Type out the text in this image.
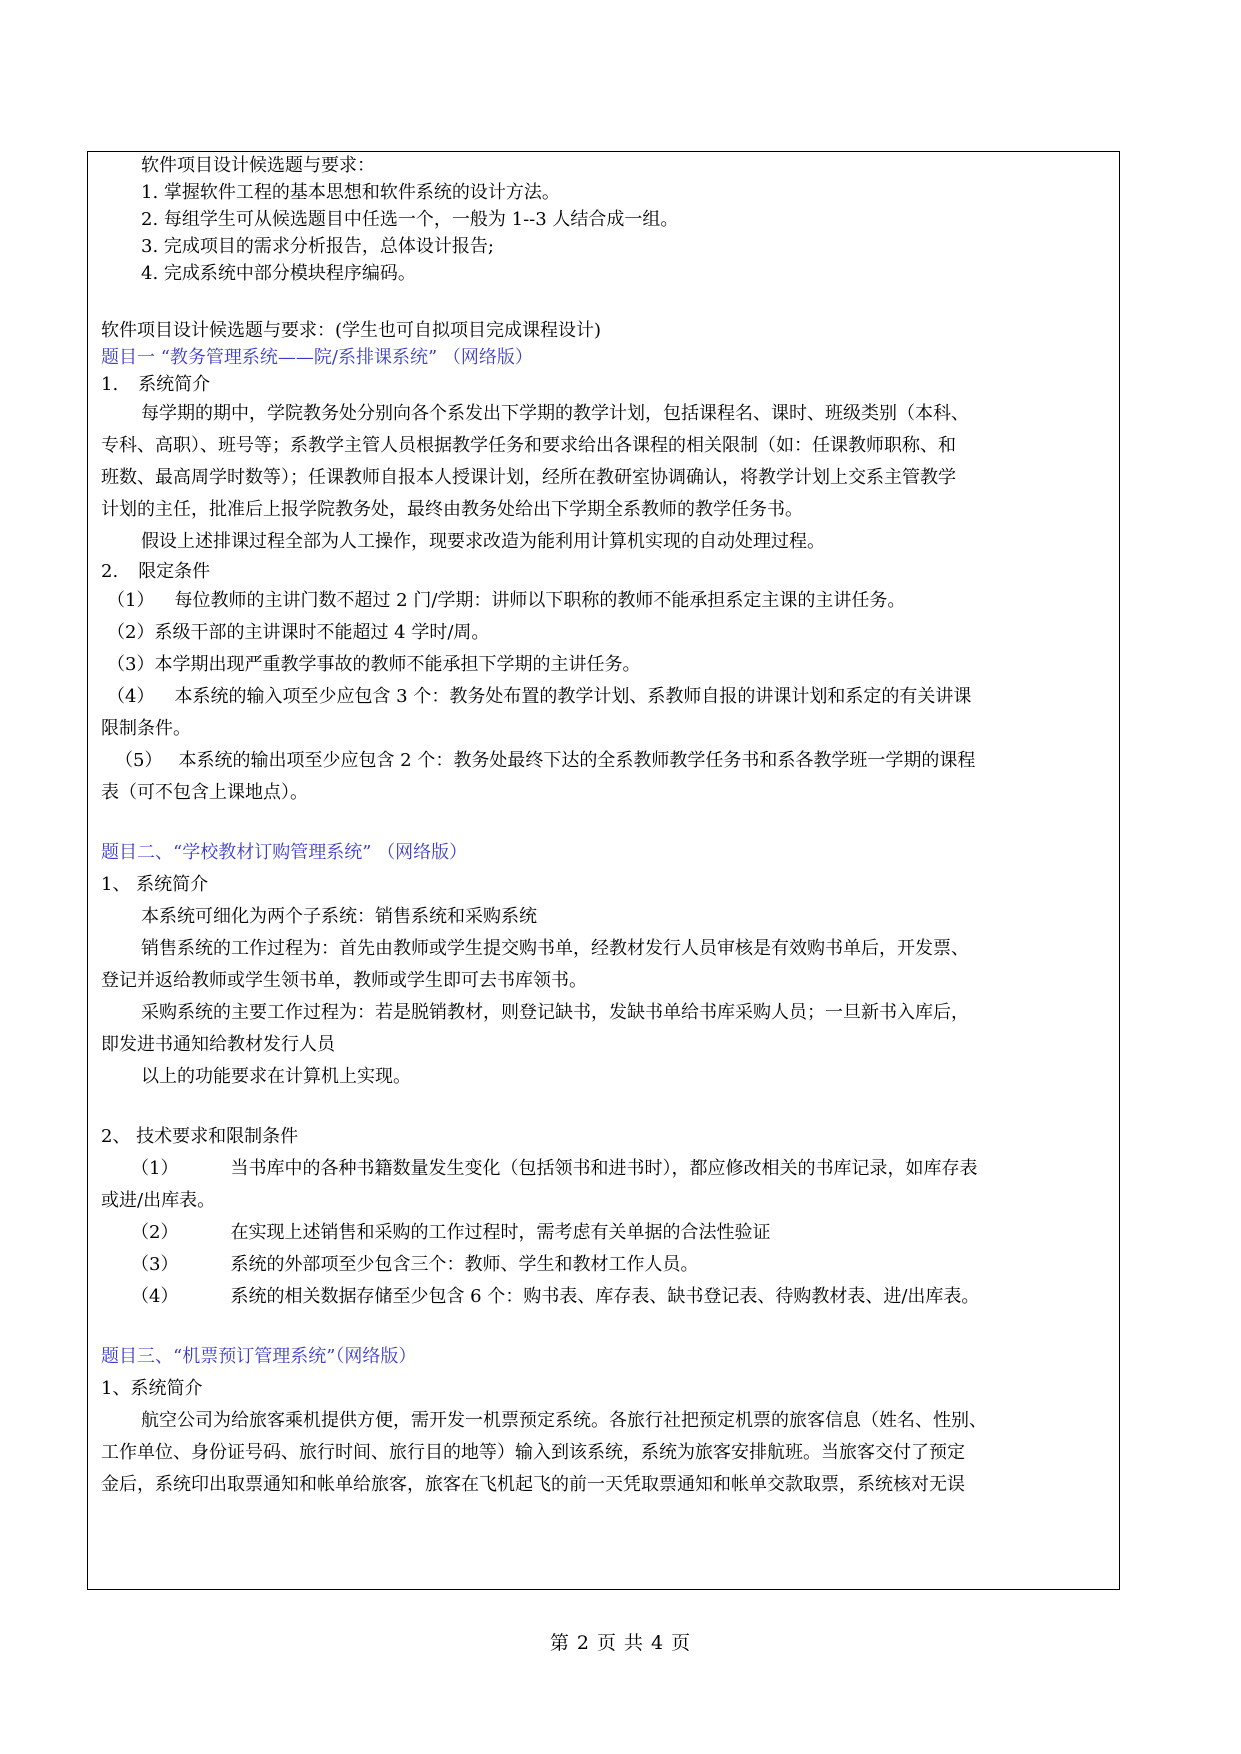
软件项目设计候选题与要求：
1. 掌握软件工程的基本思想和软件系统的设计方法。
2. 每组学生可从候选题目中任选一个，一般为 1--3 人结合成一组。
3. 完成项目的需求分析报告，总体设计报告;
4. 完成系统中部分模块程序编码。
软件项目设计候选题与要求：(学生也可自拟项目完成课程设计)
题目一 “教务管理系统——院/系排课系统” （网络版）
1. 系统简介
每学期的期中，学院教务处分别向各个系发出下学期的教学计划，包括课程名、课时、班级类别（本科、
专科、高职）、班号等；系教学主管人员根据教学任务和要求给出各课程的相关限制（如：任课教师职称、和
班数、最高周学时数等）；任课教师自报本人授课计划，经所在教研室协调确认，将教学计划上交系主管教学
计划的主任，批准后上报学院教务处，最终由教务处给出下学期全系教师的教学任务书。
假设上述排课过程全部为人工操作，现要求改造为能利用计算机实现的自动处理过程。
2. 限定条件
（1） 每位教师的主讲门数不超过 2 门/学期：讲师以下职称的教师不能承担系定主课的主讲任务。
（2）系级干部的主讲课时不能超过 4 学时/周。
（3）本学期出现严重教学事故的教师不能承担下学期的主讲任务。
（4） 本系统的输入项至少应包含 3 个：教务处布置的教学计划、系教师自报的讲课计划和系定的有关讲课
限制条件。
（5） 本系统的输出项至少应包含 2 个：教务处最终下达的全系教师教学任务书和系各教学班一学期的课程
表（可不包含上课地点）。
题目二、“学校教材订购管理系统” （网络版）
1、 系统简介
本系统可细化为两个子系统：销售系统和采购系统
销售系统的工作过程为：首先由教师或学生提交购书单，经教材发行人员审核是有效购书单后，开发票、
登记并返给教师或学生领书单，教师或学生即可去书库领书。
采购系统的主要工作过程为：若是脱销教材，则登记缺书，发缺书单给书库采购人员；一旦新书入库后，
即发进书通知给教材发行人员
以上的功能要求在计算机上实现。
2、 技术要求和限制条件
（1）	当书库中的各种书籍数量发生变化（包括领书和进书时），都应修改相关的书库记录，如库存表
或进/出库表。
（2）	在实现上述销售和采购的工作过程时，需考虑有关单据的合法性验证
（3）	系统的外部项至少包含三个：教师、学生和教材工作人员。
（4）	系统的相关数据存储至少包含 6 个：购书表、库存表、缺书登记表、待购教材表、进/出库表。
题目三、“机票预订管理系统”（网络版）
1、系统简介
航空公司为给旅客乘机提供方便，需开发一机票预定系统。各旅行社把预定机票的旅客信息（姓名、性别、
工作单位、身份证号码、旅行时间、旅行目的地等）输入到该系统，系统为旅客安排航班。当旅客交付了预定
金后，系统印出取票通知和帐单给旅客，旅客在飞机起飞的前一天凭取票通知和帐单交款取票，系统核对无误
第 2 页 共 4 页
